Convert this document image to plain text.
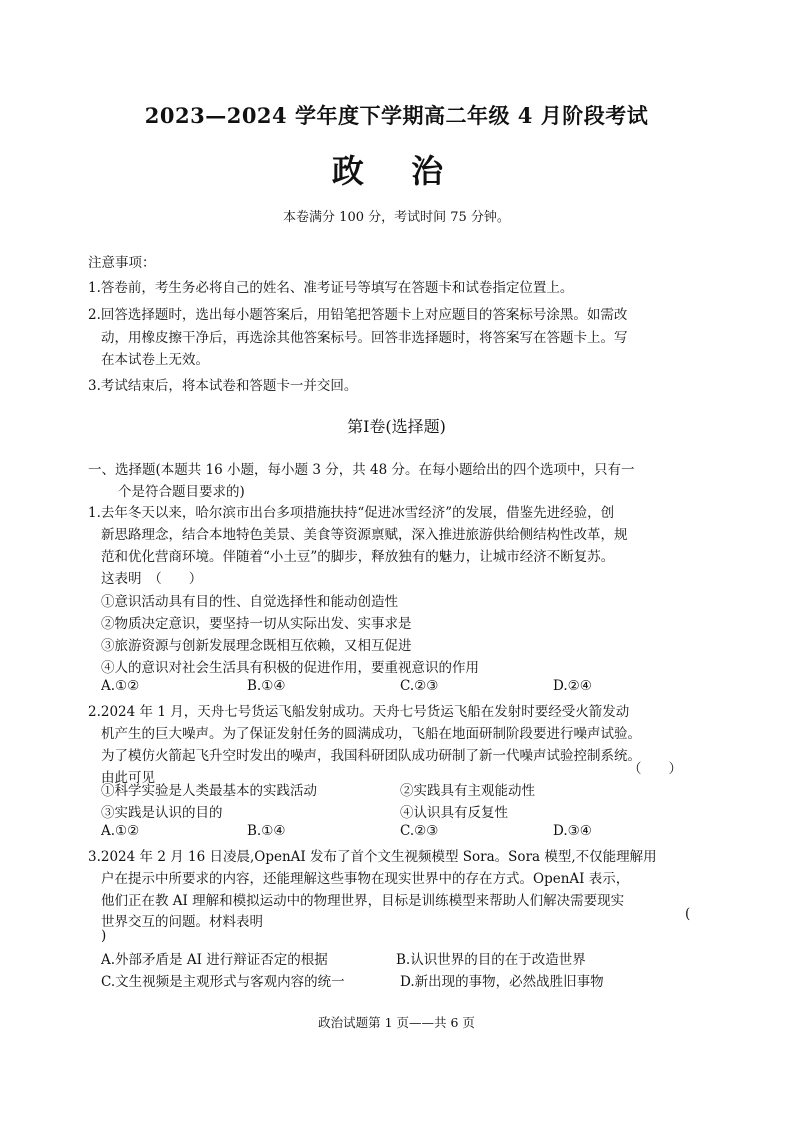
2023—2024 学年度下学期高二年级 4 月阶段考试
政 治
本卷满分 100 分，考试时间 75 分钟。
注意事项：
1.答卷前，考生务必将自己的姓名、准考证号等填写在答题卡和试卷指定位置上。
2.回答选择题时，选出每小题答案后，用铅笔把答题卡上对应题目的答案标号涂黑。如需改
动，用橡皮擦干净后，再选涂其他答案标号。回答非选择题时，将答案写在答题卡上。写
在本试卷上无效。
3.考试结束后，将本试卷和答题卡一并交回。
第Ⅰ卷(选择题)
一、选择题(本题共 16 小题，每小题 3 分，共 48 分。在每小题给出的四个选项中，只有一
个是符合题目要求的)
1.去年冬天以来，哈尔滨市出台多项措施扶持“促进冰雪经济”的发展，借鉴先进经验，创
新思路理念，结合本地特色美景、美食等资源禀赋，深入推进旅游供给侧结构性改革，规
范和优化营商环境。伴随着“小土豆”的脚步，释放独有的魅力，让城市经济不断复苏。
这表明　（　　）
①意识活动具有目的性、自觉选择性和能动创造性
②物质决定意识，要坚持一切从实际出发、实事求是
③旅游资源与创新发展理念既相互依赖，又相互促进
④人的意识对社会生活具有积极的促进作用，要重视意识的作用
A.①②	B.①④	C.②③	D.②④
2.2024 年 1 月，天舟七号货运飞船发射成功。天舟七号货运飞船在发射时要经受火箭发动
机产生的巨大噪声。为了保证发射任务的圆满成功，飞船在地面研制阶段要进行噪声试验。
为了模仿火箭起飞升空时发出的噪声，我国科研团队成功研制了新一代噪声试验控制系统。
由此可见
（　　）
①科学实验是人类最基本的实践活动	②实践具有主观能动性
③实践是认识的目的	④认识具有反复性
A.①②	B.①④	C.②③	D.③④
3.2024 年 2 月 16 日凌晨,OpenAI 发布了首个文生视频模型 Sora。Sora 模型,不仅能理解用
户在提示中所要求的内容，还能理解这些事物在现实世界中的存在方式。OpenAI 表示，
他们正在教 AI 理解和模拟运动中的物理世界，目标是训练模型来帮助人们解决需要现实
世界交互的问题。材料表明	(
)
A.外部矛盾是 AI 进行辩证否定的根据	B.认识世界的目的在于改造世界
C.文生视频是主观形式与客观内容的统一	D.新出现的事物，必然战胜旧事物
政治试题第 1 页——共 6 页
